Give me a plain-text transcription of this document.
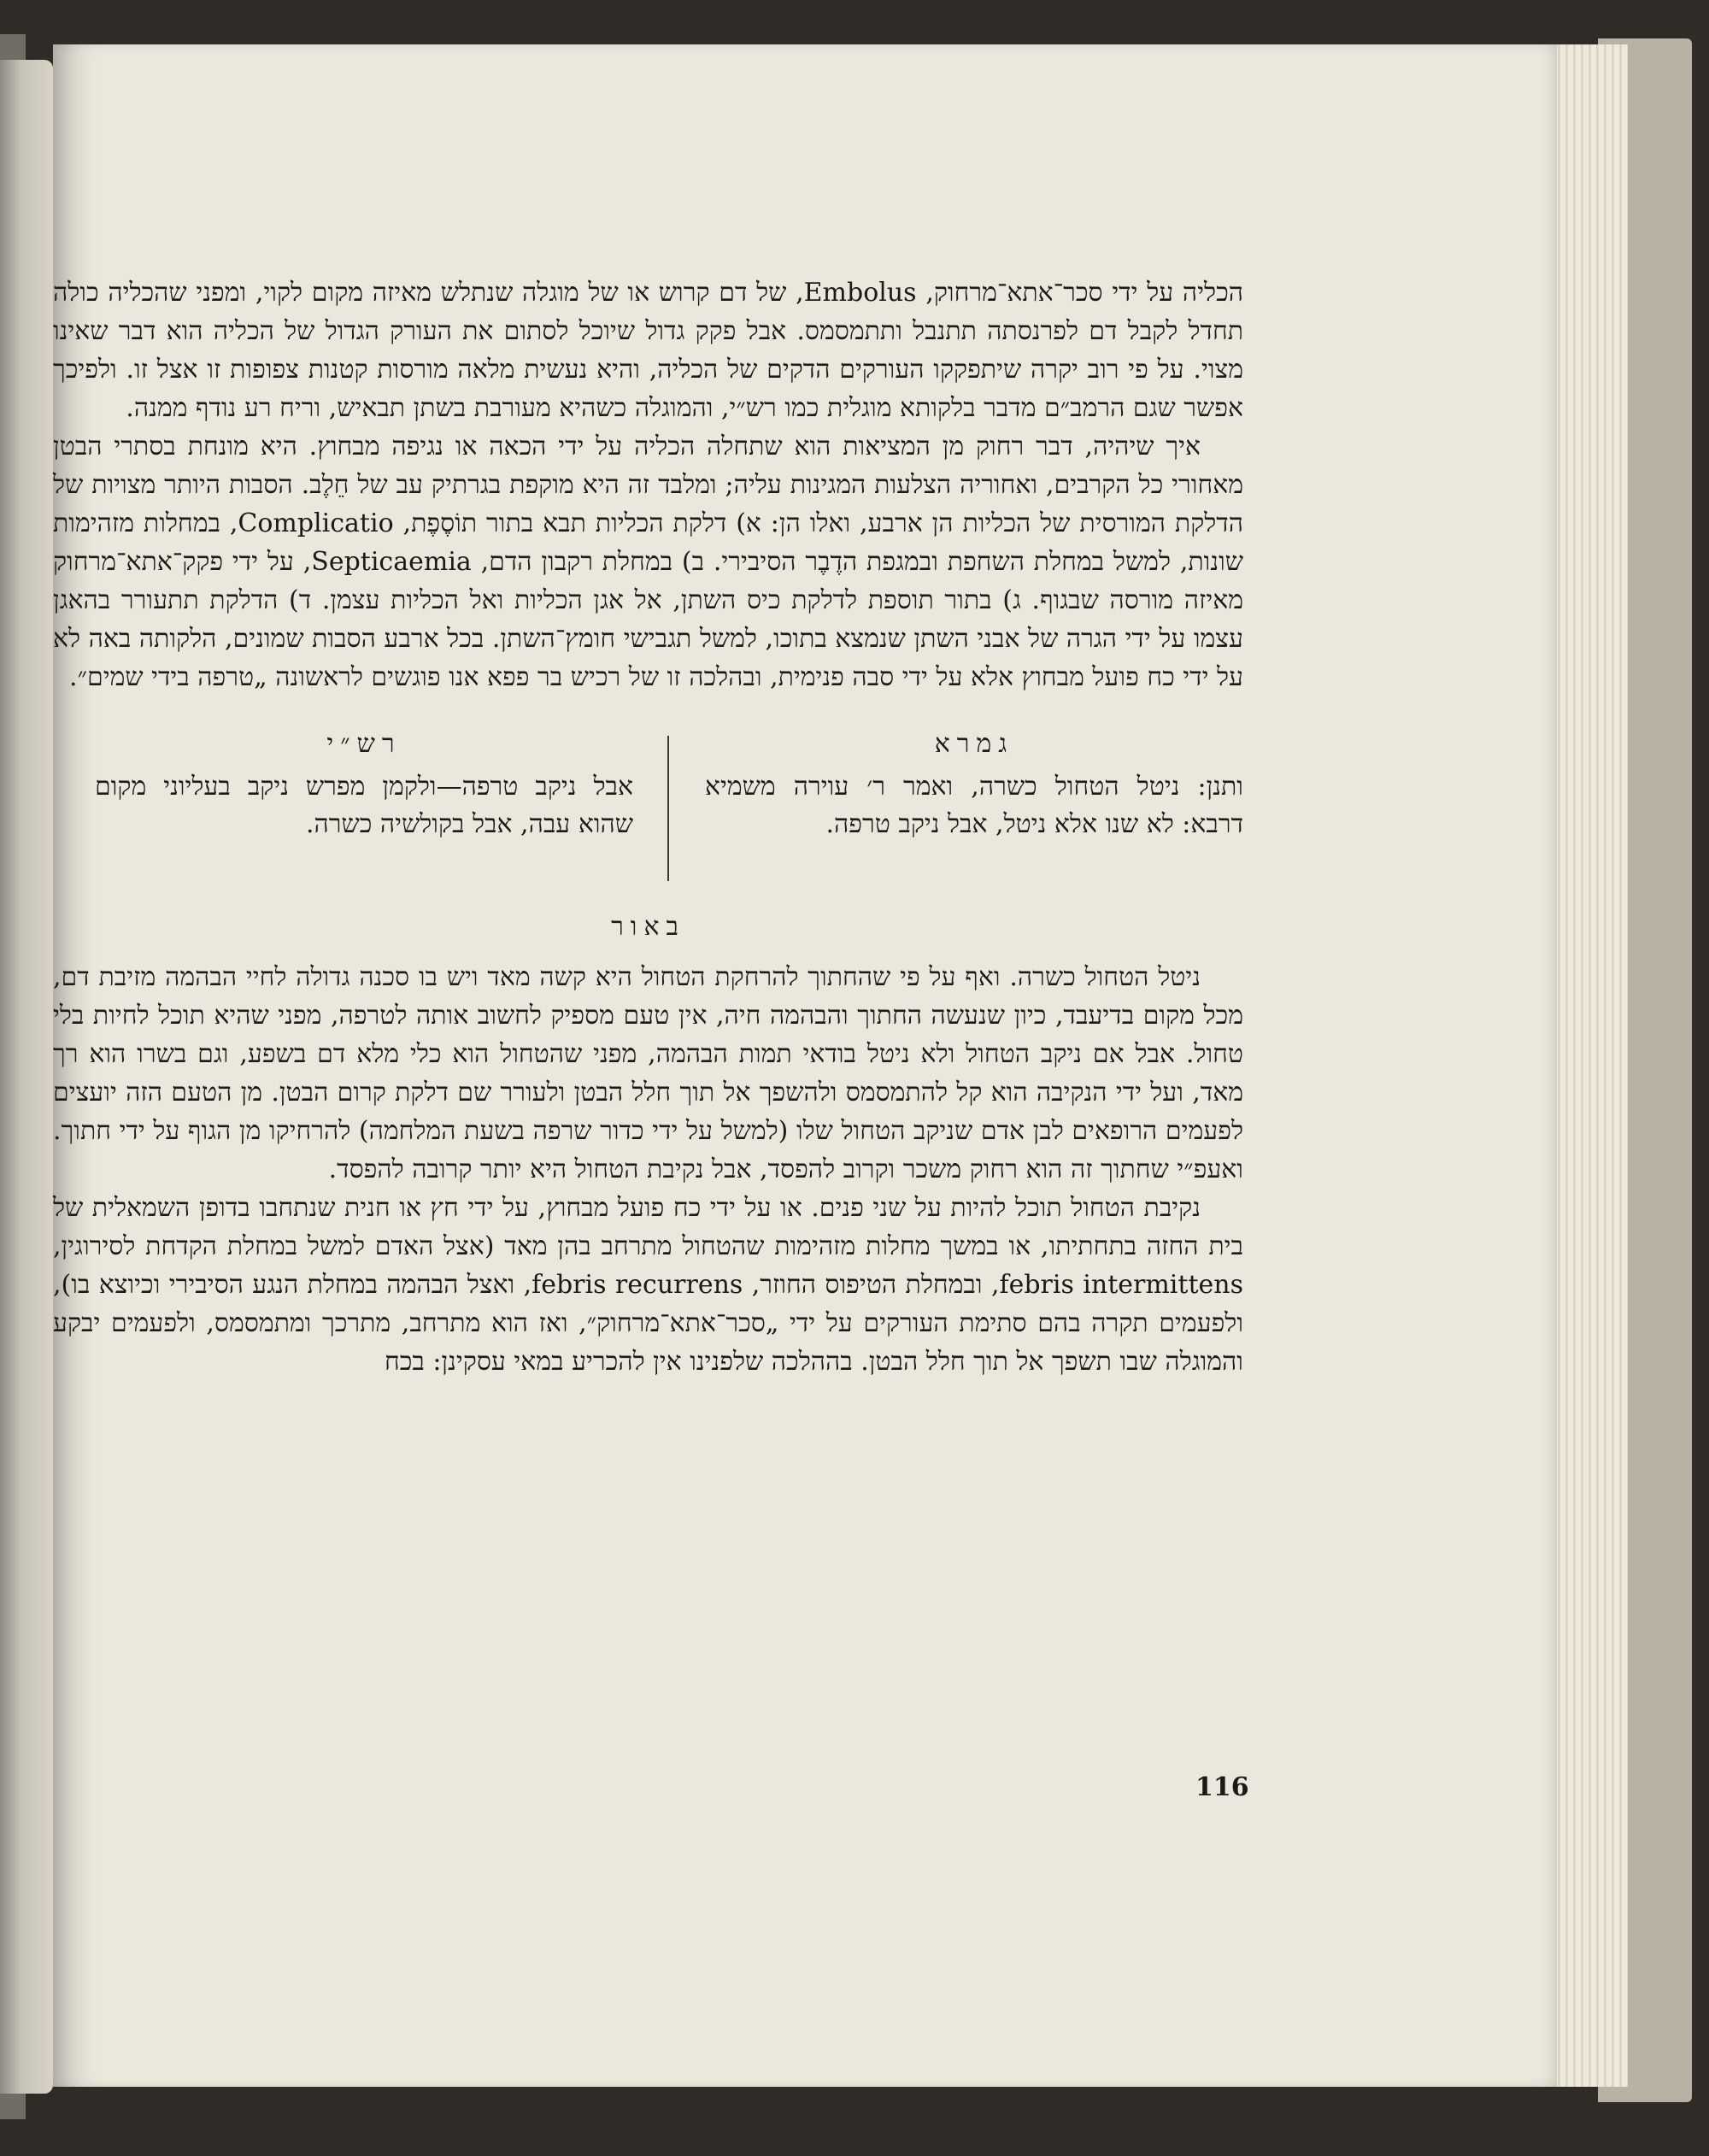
הכליה על ידי סכר־אתא־מרחוק, Embolus, של דם קרוש או של מוגלה שנתלש מאיזה מקום לקוי, ומפני שהכליה כולה תחדל לקבל דם לפרנסתה תתנבל ותתמסמס. אבל פקק גדול שיוכל לסתום את העורק הגדול של הכליה הוא דבר שאינו מצוי. על פי רוב יקרה שיתפקקו העורקים הדקים של הכליה, והיא נעשית מלאה מורסות קטנות צפופות זו אצל זו. ולפיכך אפשר שגם הרמב״ם מדבר בלקותא מוגלית כמו רש״י, והמוגלה כשהיא מעורבת בשתן תבאיש, וריח רע נודף ממנה.

איך שיהיה, דבר רחוק מן המציאות הוא שתחלה הכליה על ידי הכאה או נגיפה מבחוץ. היא מונחת בסתרי הבטן מאחורי כל הקרבים, ואחוריה הצלעות המגינות עליה; ומלבד זה היא מוקפת בגרתיק עב של חֵלֶב. הסבות היותר מצויות של הדלקת המורסית של הכליות הן ארבע, ואלו הן: א) דלקת הכליות תבא בתור תוֹסֶפֶת, Complicatio, במחלות מזהימות שונות, למשל במחלת השחפת ובמגפת הדֶבֶר הסיבירי. ב) במחלת רקבון הדם, Septicaemia, על ידי פקק־אתא־מרחוק מאיזה מורסה שבגוף. ג) בתור תוספת לדלקת כיס השתן, אל אגן הכליות ואל הכליות עצמן. ד) הדלקת תתעורר בהאגן עצמו על ידי הגרה של אבני השתן שנמצא בתוכו, למשל תגבישי חומץ־השתן. בכל ארבע הסבות שמונים, הלקותה באה לא על ידי כח פועל מבחוץ אלא על ידי סבה פנימית, ובהלכה זו של רכיש בר פפא אנו פוגשים לראשונה „טרפה בידי שמים״.

גמרא
ותנן: ניטל הטחול כשרה, ואמר ר׳ עוירה משמיא דרבא: לא שנו אלא ניטל, אבל ניקב טרפה.
רש״י
אבל ניקב טרפה—ולקמן מפרש ניקב בעליוני מקום שהוא עבה, אבל בקולשיה כשרה.
באור

ניטל הטחול כשרה. ואף על פי שהחתוך להרחקת הטחול היא קשה מאד ויש בו סכנה גדולה לחיי הבהמה מזיבת דם, מכל מקום בדיעבד, כיון שנעשה החתוך והבהמה חיה, אין טעם מספיק לחשוב אותה לטרפה, מפני שהיא תוכל לחיות בלי טחול. אבל אם ניקב הטחול ולא ניטל בודאי תמות הבהמה, מפני שהטחול הוא כלי מלא דם בשפע, וגם בשרו הוא רך מאד, ועל ידי הנקיבה הוא קל להתמסמס ולהשפך אל תוך חלל הבטן ולעורר שם דלקת קרום הבטן. מן הטעם הזה יועצים לפעמים הרופאים לבן אדם שניקב הטחול שלו (למשל על ידי כדור שרפה בשעת המלחמה) להרחיקו מן הגוף על ידי חתוך. ואעפ״י שחתוך זה הוא רחוק משכר וקרוב להפסד, אבל נקיבת הטחול היא יותר קרובה להפסד.

נקיבת הטחול תוכל להיות על שני פנים. או על ידי כח פועל מבחוץ, על ידי חץ או חנית שנתחבו בדופן השמאלית של בית החזה בתחתיתו, או במשך מחלות מזהימות שהטחול מתרחב בהן מאד (אצל האדם למשל במחלת הקדחת לסירוגין, febris intermittens, ובמחלת הטיפוס החוזר, febris recurrens, ואצל הבהמה במחלת הנגע הסיבירי וכיוצא בו), ולפעמים תקרה בהם סתימת העורקים על ידי „סכר־אתא־מרחוק״, ואז הוא מתרחב, מתרכך ומתמסמס, ולפעמים יבקע והמוגלה שבו תשפך אל תוך חלל הבטן. בההלכה שלפנינו אין להכריע במאי עסקינן: בכח

116
